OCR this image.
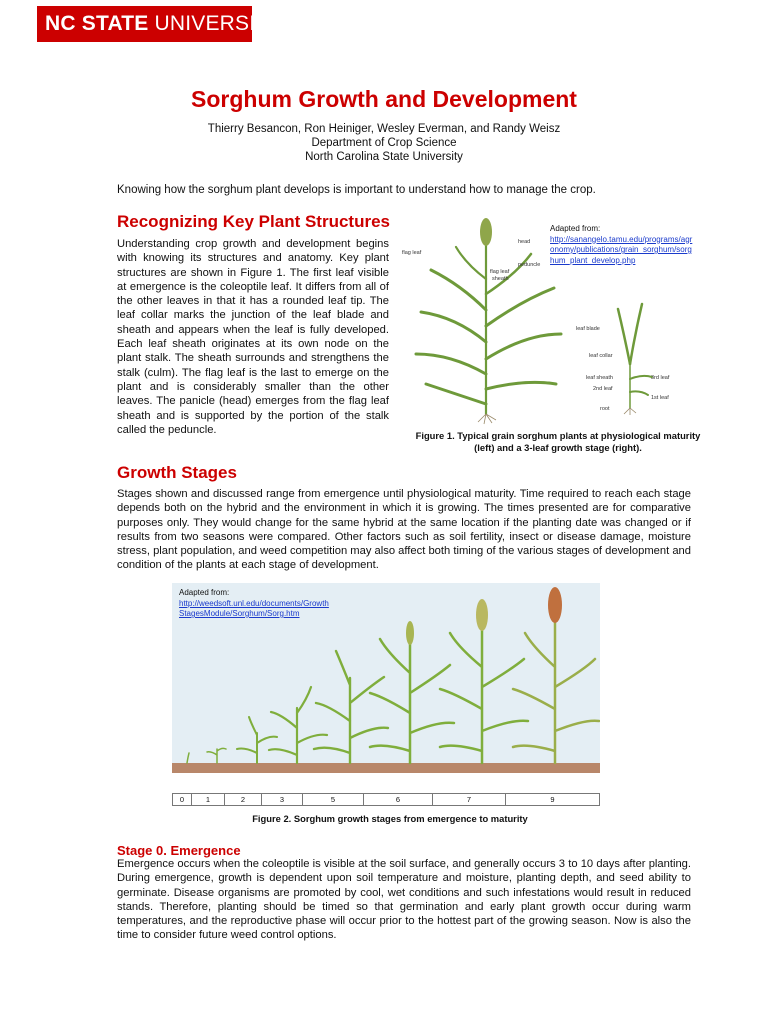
NC STATE UNIVERSITY
Sorghum Growth and Development
Thierry Besancon, Ron Heiniger, Wesley Everman, and Randy Weisz
Department of Crop Science
North Carolina State University
Knowing how the sorghum plant develops is important to understand how to manage the crop.
Recognizing Key Plant Structures
Understanding crop growth and development begins with knowing its structures and anatomy. Key plant structures are shown in Figure 1. The first leaf visible at emergence is the coleoptile leaf. It differs from all of the other leaves in that it has a rounded leaf tip. The leaf collar marks the junction of the leaf blade and sheath and appears when the leaf is fully developed. Each leaf sheath originates at its own node on the plant stalk. The sheath surrounds and strengthens the stalk (culm). The flag leaf is the last to emerge on the plant and is considerably smaller than the other leaves. The panicle (head) emerges from the flag leaf sheath and is supported by the portion of the stalk called the peduncle.
head
flag leaf
peduncle
flag leaf
sheath
leaf blade
leaf collar
leaf sheath	3rd leaf
2nd leaf
1st leaf
root
Adapted from:
http://sanangelo.tamu.edu/programs/agr
onomy/publications/grain_sorghum/sorg
hum_plant_develop.php
Figure 1. Typical grain sorghum plants at physiological maturity
(left) and a 3-leaf growth stage (right).
Growth Stages
Stages shown and discussed range from emergence until physiological maturity. Time required to reach each stage depends both on the hybrid and the environment in which it is growing. The times presented are for comparative purposes only. They would change for the same hybrid at the same location if the planting date was changed or if results from two seasons were compared. Other factors such as soil fertility, insect or disease damage, moisture stress, plant population, and weed competition may also affect both timing of the various stages of development and condition of the plants at each stage of development.
Adapted from:
http://weedsoft.unl.edu/documents/Growth
StagesModule/Sorghum/Sorg.htm
0	1	2	3	5	6	7	9
Figure 2. Sorghum growth stages from emergence to maturity
Stage 0. Emergence
Emergence occurs when the coleoptile is visible at the soil surface, and generally occurs 3 to 10 days after planting. During emergence, growth is dependent upon soil temperature and moisture, planting depth, and seed ability to germinate. Disease organisms are promoted by cool, wet conditions and such infestations would result in reduced stands. Therefore, planting should be timed so that germination and early plant growth occur during warm temperatures, and the reproductive phase will occur prior to the hottest part of the growing season. Now is also the time to consider future weed control options.
